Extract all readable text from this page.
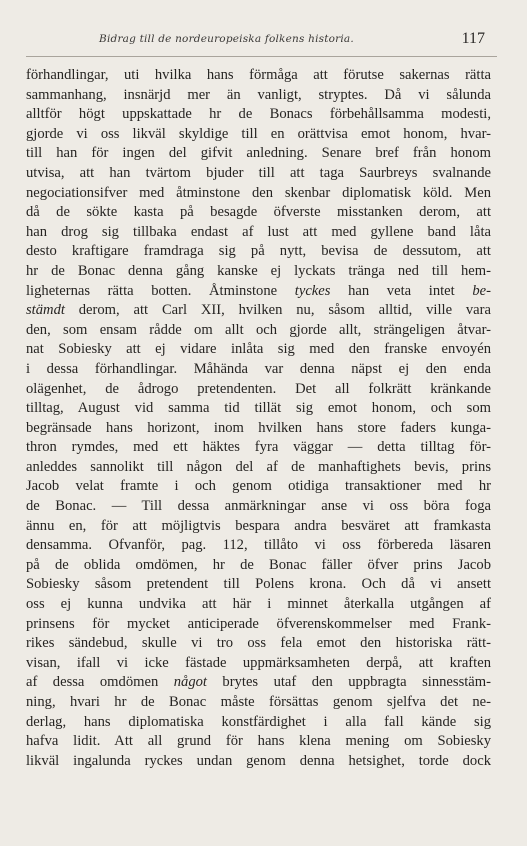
Bidrag till de nordeuropeiska folkens historia.	117
förhandlingar, uti hvilka hans förmåga att förutse sakernas rätta
sammanhang, insnärjd mer än vanligt, stryptes. Då vi sålunda
alltför högt uppskattade hr de Bonacs förbehållsamma modesti,
gjorde vi oss likväl skyldige till en orättvisa emot honom, hvar-
till han för ingen del gifvit anledning. Senare bref från honom
utvisa, att han tvärtom bjuder till att taga Saurbreys svalnande
negociationsifver med åtminstone den skenbar diplomatisk köld. Men
då de sökte kasta på besagde öfverste misstanken derom, att
han drog sig tillbaka endast af lust att med gyllene band låta
desto kraftigare framdraga sig på nytt, bevisa de dessutom, att
hr de Bonac denna gång kanske ej lyckats tränga ned till hem-
ligheternas rätta botten. Åtminstone tyckes han veta intet be-
stämdt derom, att Carl XII, hvilken nu, såsom alltid, ville vara
den, som ensam rådde om allt och gjorde allt, strängeligen åtvar-
nat Sobiesky att ej vidare inlåta sig med den franske envoyén
i dessa förhandlingar. Måhända var denna näpst ej den enda
olägenhet, de ådrogo pretendenten. Det all folkrätt kränkande
tilltag, August vid samma tid tillät sig emot honom, och som
begränsade hans horizont, inom hvilken hans store faders kunga-
thron rymdes, med ett häktes fyra väggar — detta tilltag för-
anleddes sannolikt till någon del af de manhaftighets bevis, prins
Jacob velat framte i och genom otidiga transaktioner med hr
de Bonac. — Till dessa anmärkningar anse vi oss böra foga
ännu en, för att möjligtvis bespara andra besväret att framkasta
densamma. Ofvanför, pag. 112, tillåto vi oss förbereda läsaren
på de oblida omdömen, hr de Bonac fäller öfver prins Jacob
Sobiesky såsom pretendent till Polens krona. Och då vi ansett
oss ej kunna undvika att här i minnet återkalla utgången af
prinsens för mycket anticiperade öfverenskommelser med Frank-
rikes sändebud, skulle vi tro oss fela emot den historiska rätt-
visan, ifall vi icke fästade uppmärksamheten derpå, att kraften
af dessa omdömen något brytes utaf den uppbragta sinnesstäm-
ning, hvari hr de Bonac måste försättas genom sjelfva det ne-
derlag, hans diplomatiska konstfärdighet i alla fall kände sig
hafva lidit. Att all grund för hans klena mening om Sobiesky
likväl ingalunda ryckes undan genom denna hetsighet, torde dock
